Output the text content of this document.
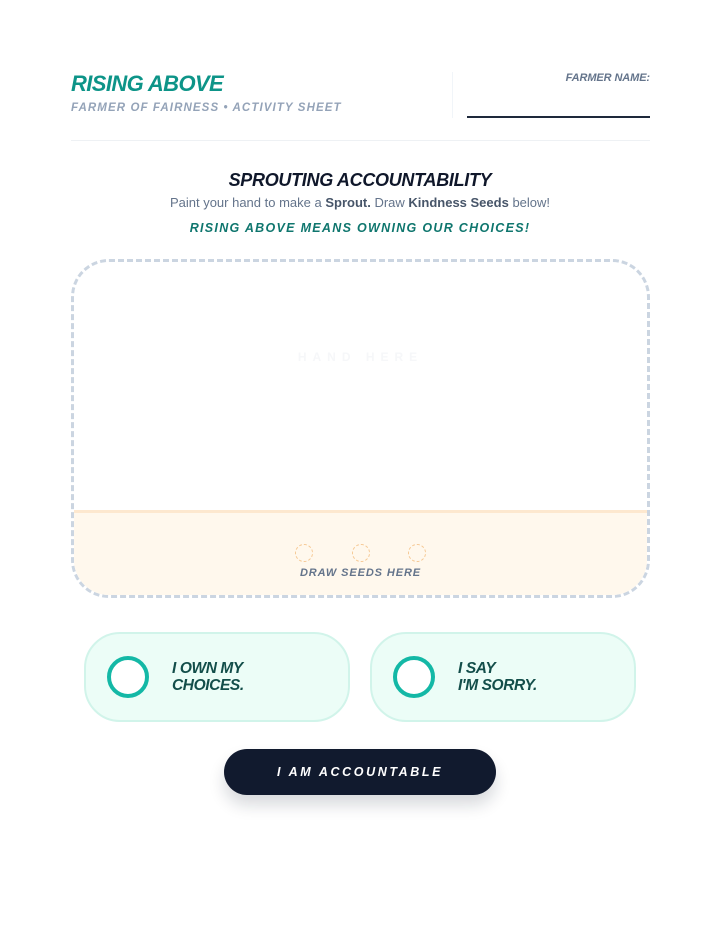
RISING ABOVE
FARMER OF FAIRNESS • ACTIVITY SHEET
FARMER NAME:
SPROUTING ACCOUNTABILITY
Paint your hand to make a Sprout. Draw Kindness Seeds below!
RISING ABOVE MEANS OWNING OUR CHOICES!
HAND HERE
DRAW SEEDS HERE
I OWN MY
CHOICES.
I SAY
I'M SORRY.
I AM ACCOUNTABLE
